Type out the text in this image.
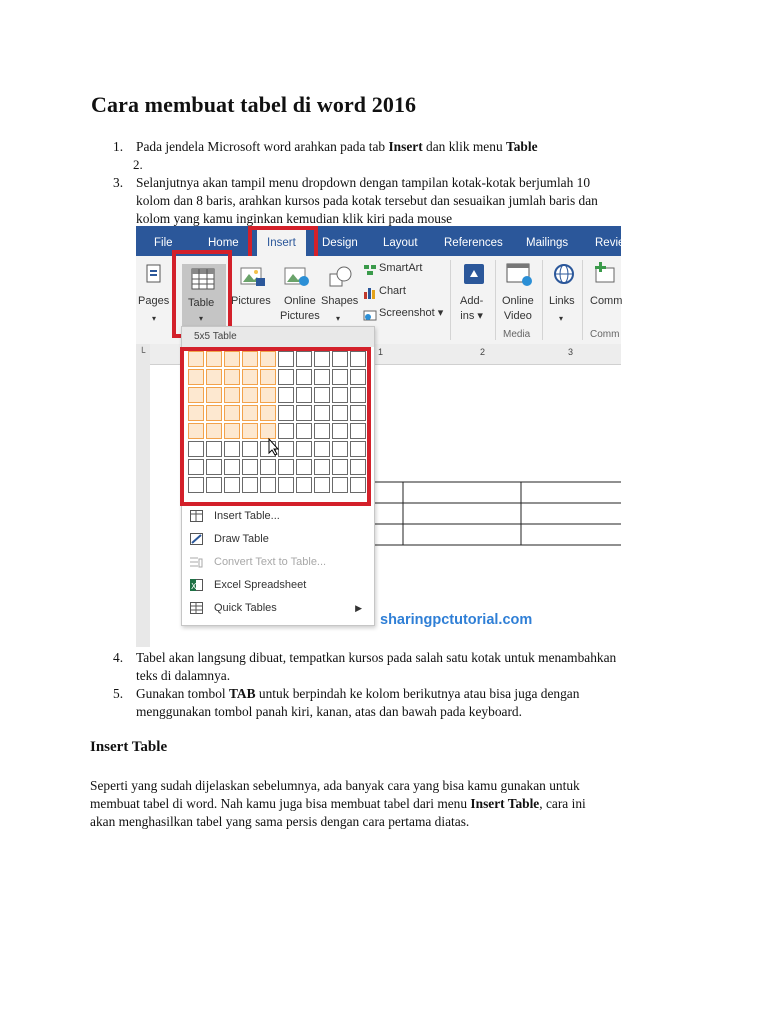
Cara membuat tabel di word 2016
1. Pada jendela Microsoft word arahkan pada tab Insert dan klik menu Table
2.
3. Selanjutnya akan tampil menu dropdown dengan tampilan kotak-kotak berjumlah 10
kolom dan 8 baris, arahkan kursos pada kotak tersebut dan sesuaikan jumlah baris dan
kolom yang kamu inginkan kemudian klik kiri pada mouse
4. Tabel akan langsung dibuat, tempatkan kursos pada salah satu kotak untuk menambahkan
teks di dalamnya.
5. Gunakan tombol TAB untuk berpindah ke kolom berikutnya atau bisa juga dengan
menggunakan tombol panah kiri, kanan, atas dan bawah pada keyboard.
File	Home	Insert	Design Layout References Mailings Revie
Pages
▾
Table
▾
Pictures	Online
Pictures
Shapes
▾
SmartArt
Chart
Screenshot ▾
Add-
ins ▾
Online
Video
Media
Links
▾
Comm
Comm
1	2	3
└
5x5 Table
Insert Table...
Draw Table
Convert Text to Table...
X Excel Spreadsheet
Quick Tables	▶
sharingpctutorial.com
Insert Table
Seperti yang sudah dijelaskan sebelumnya, ada banyak cara yang bisa kamu gunakan untuk
membuat tabel di word. Nah kamu juga bisa membuat tabel dari menu Insert Table, cara ini
akan menghasilkan tabel yang sama persis dengan cara pertama diatas.
